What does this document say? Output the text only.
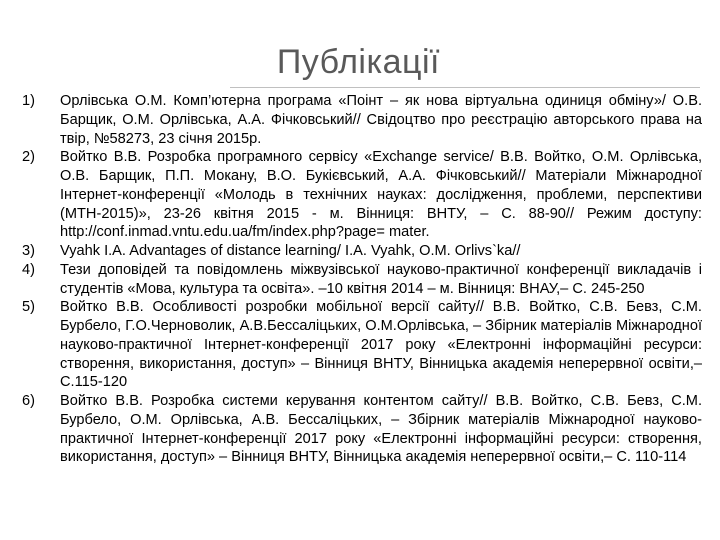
Публікації
1)	Орлівська О.М. Комп’ютерна програма «Поінт – як нова віртуальна одиниця обміну»/ О.В. Барщик, О.М. Орлівська, А.А. Фічковський// Свідоцтво про реєстрацію авторського права на твір, №58273, 23 січня 2015р.
2)	Войтко В.В. Розробка програмного сервісу «Exchange service/ В.В. Войтко, О.М. Орлівська, О.В. Барщик, П.П. Мокану, В.О. Букієвський, А.А. Фічковський// Матеріали Міжнародної Інтернет-конференції «Молодь в технічних науках: дослідження, проблеми, перспективи (МТН-2015)», 23-26 квітня 2015 - м. Вінниця: ВНТУ, – С. 88-90// Режим доступу: http://conf.inmad.vntu.edu.ua/fm/index.php?page= mater.
3)	Vyahk I.A. Advantages of distance learning/ I.A. Vyahk, O.M. Orlivs`ka//
4)	Тези доповідей та повідомлень міжвузівської науково-практичної конференції викладачів і студентів «Мова, культура та освіта». –10 квітня 2014 – м. Вінниця: ВНАУ,– С. 245-250
5)	Войтко В.В. Особливості розробки мобільної версії сайту// В.В. Войтко, С.В. Бевз, С.М. Бурбело, Г.О.Черноволик, А.В.Бессаліцьких, О.М.Орлівська, – Збірник матеріалів Міжнародної науково-практичної Інтернет-конференції 2017 року «Електронні інформаційні ресурси: створення, використання, доступ» – Вінниця ВНТУ, Вінницька академія неперервної освіти,– С.115-120
6)	Войтко В.В. Розробка системи керування контентом сайту// В.В. Войтко, С.В. Бевз, С.М. Бурбело, О.М. Орлівська, А.В. Бессаліцьких, – Збірник матеріалів Міжнародної науково-практичної Інтернет-конференції 2017 року «Електронні інформаційні ресурси: створення, використання, доступ» – Вінниця ВНТУ, Вінницька академія неперервної освіти,– С. 110-114
